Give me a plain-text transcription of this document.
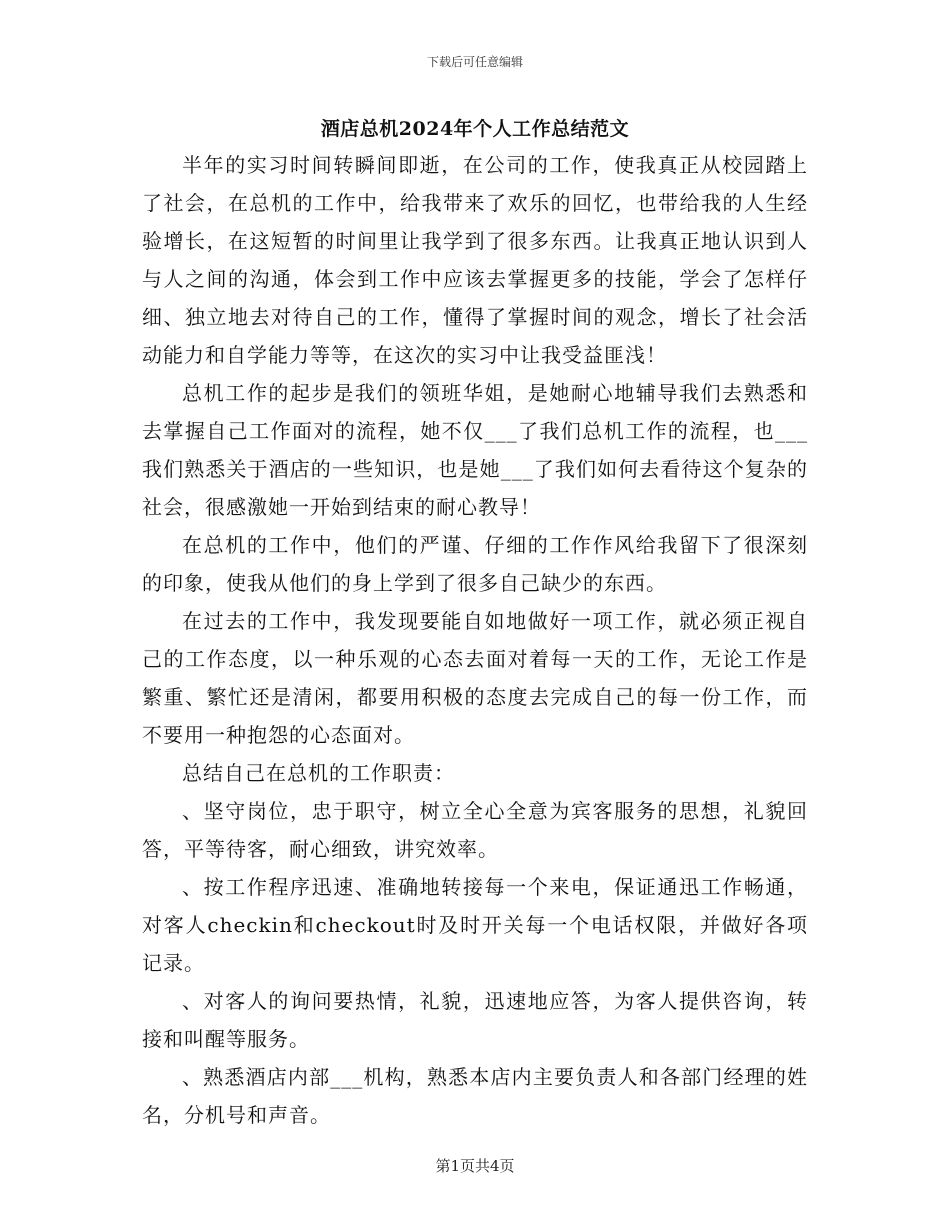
下载后可任意编辑
酒店总机2024年个人工作总结范文

半年的实习时间转瞬间即逝，在公司的工作，使我真正从校园踏上了社会，在总机的工作中，给我带来了欢乐的回忆，也带给我的人生经验增长，在这短暂的时间里让我学到了很多东西。让我真正地认识到人与人之间的沟通，体会到工作中应该去掌握更多的技能，学会了怎样仔细、独立地去对待自己的工作，懂得了掌握时间的观念，增长了社会活动能力和自学能力等等，在这次的实习中让我受益匪浅！

总机工作的起步是我们的领班华姐，是她耐心地辅导我们去熟悉和去掌握自己工作面对的流程，她不仅___了我们总机工作的流程，也___我们熟悉关于酒店的一些知识，也是她___了我们如何去看待这个复杂的社会，很感激她一开始到结束的耐心教导！

在总机的工作中，他们的严谨、仔细的工作作风给我留下了很深刻的印象，使我从他们的身上学到了很多自己缺少的东西。

在过去的工作中，我发现要能自如地做好一项工作，就必须正视自己的工作态度，以一种乐观的心态去面对着每一天的工作，无论工作是繁重、繁忙还是清闲，都要用积极的态度去完成自己的每一份工作，而不要用一种抱怨的心态面对。

总结自己在总机的工作职责：

、坚守岗位，忠于职守，树立全心全意为宾客服务的思想，礼貌回答，平等待客，耐心细致，讲究效率。

、按工作程序迅速、准确地转接每一个来电，保证通迅工作畅通，对客人checkin和checkout时及时开关每一个电话权限，并做好各项记录。

、对客人的询问要热情，礼貌，迅速地应答，为客人提供咨询，转接和叫醒等服务。

、熟悉酒店内部___机构，熟悉本店内主要负责人和各部门经理的姓名，分机号和声音。

第1页共4页
